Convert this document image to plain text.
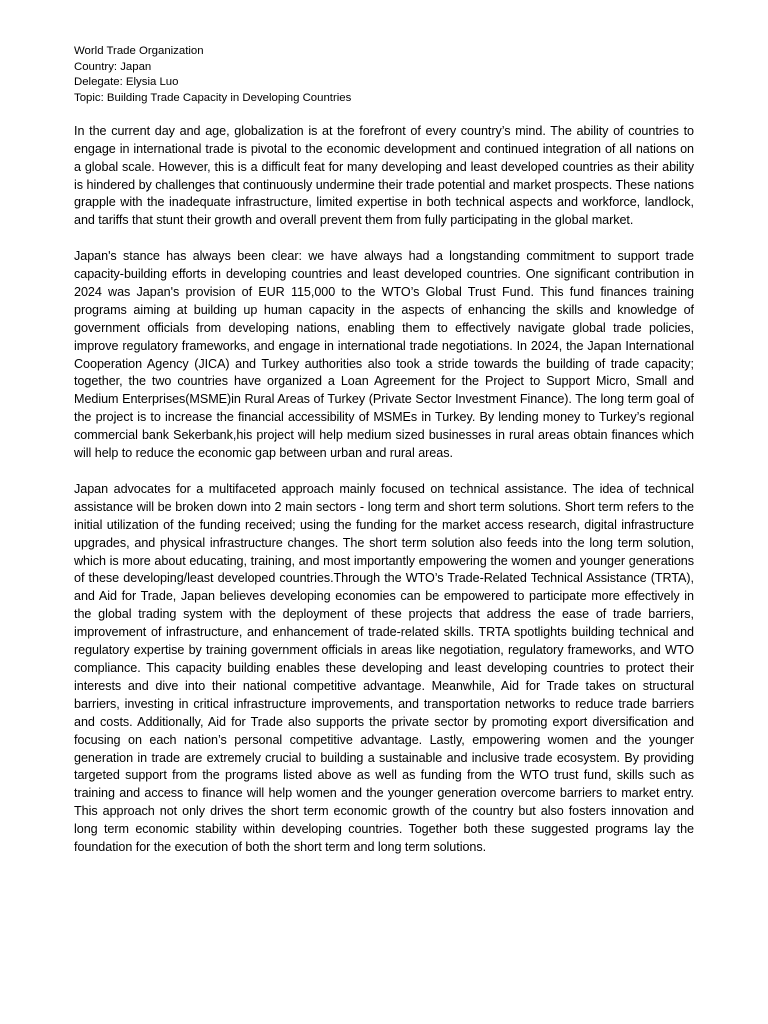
World Trade Organization

Country: Japan

Delegate: Elysia Luo

Topic: Building Trade Capacity in Developing Countries

In the current day and age, globalization is at the forefront of every country’s mind. The ability of countries to engage in international trade is pivotal to the economic development and continued integration of all nations on a global scale. However, this is a difficult feat for many developing and least developed countries as their ability is hindered by challenges that continuously undermine their trade potential and market prospects. These nations grapple with the inadequate infrastructure, limited expertise in both technical aspects and workforce, landlock, and tariffs that stunt their growth and overall prevent them from fully participating in the global market.

Japan's stance has always been clear: we have always had a longstanding commitment to support trade capacity-building efforts in developing countries and least developed countries. One significant contribution in 2024 was Japan's provision of EUR 115,000 to the WTO’s Global Trust Fund. This fund finances training programs aiming at building up human capacity in the aspects of enhancing the skills and knowledge of government officials from developing nations, enabling them to effectively navigate global trade policies, improve regulatory frameworks, and engage in international trade negotiations. In 2024, the Japan International Cooperation Agency (JICA) and Turkey authorities also took a stride towards the building of trade capacity; together, the two countries have organized a Loan Agreement for the Project to Support Micro, Small and Medium Enterprises(MSME)in Rural Areas of Turkey (Private Sector Investment Finance). The long term goal of the project is to increase the financial accessibility of MSMEs in Turkey. By lending money to Turkey’s regional commercial bank Sekerbank,his project will help medium sized businesses in rural areas obtain finances which will help to reduce the economic gap between urban and rural areas.

Japan advocates for a multifaceted approach mainly focused on technical assistance. The idea of technical assistance will be broken down into 2 main sectors - long term and short term solutions. Short term refers to the initial utilization of the funding received; using the funding for the market access research, digital infrastructure upgrades, and physical infrastructure changes. The short term solution also feeds into the long term solution, which is more about educating, training, and most importantly empowering the women and younger generations of these developing/least developed countries.Through the WTO’s Trade-Related Technical Assistance (TRTA), and Aid for Trade, Japan believes developing economies can be empowered to participate more effectively in the global trading system with the deployment of these projects that address the ease of trade barriers, improvement of infrastructure, and enhancement of trade-related skills. TRTA spotlights building technical and regulatory expertise by training government officials in areas like negotiation, regulatory frameworks, and WTO compliance. This capacity building enables these developing and least developing countries to protect their interests and dive into their national competitive advantage. Meanwhile, Aid for Trade takes on structural barriers, investing in critical infrastructure improvements, and transportation networks to reduce trade barriers and costs. Additionally, Aid for Trade also supports the private sector by promoting export diversification and focusing on each nation’s personal competitive advantage. Lastly, empowering women and the younger generation in trade are extremely crucial to building a sustainable and inclusive trade ecosystem. By providing targeted support from the programs listed above as well as funding from the WTO trust fund, skills such as training and access to finance will help women and the younger generation overcome barriers to market entry. This approach not only drives the short term economic growth of the country but also fosters innovation and long term economic stability within developing countries. Together both these suggested programs lay the foundation for the execution of both the short term and long term solutions.
